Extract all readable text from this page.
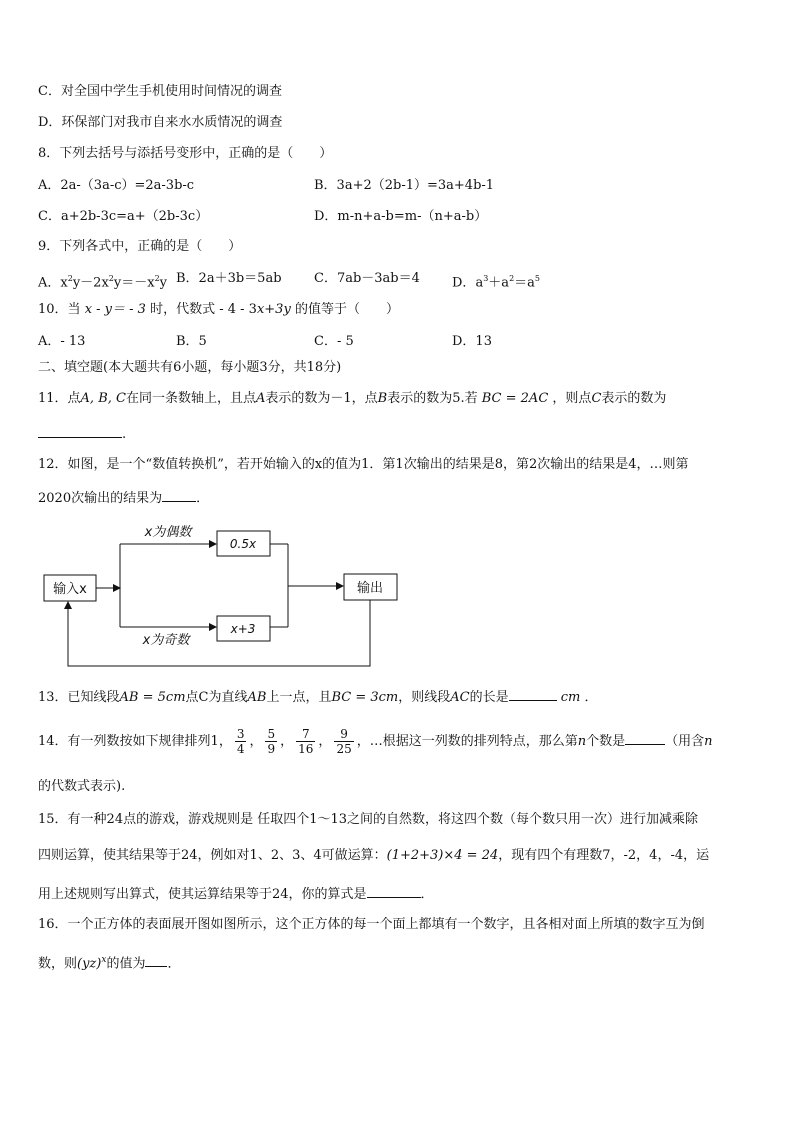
C．对全国中学生手机使用时间情况的调查
D．环保部门对我市自来水水质情况的调查
8．下列去括号与添括号变形中，正确的是（　　）
A．2a-（3a-c）=2a-3b-c	B．3a+2（2b-1）=3a+4b-1
C．a+2b-3c=a+（2b-3c）	D．m-n+a-b=m-（n+a-b）
9．下列各式中，正确的是（　　）
A．$x^2y-2x^2y=-x^2y$ B．2a＋3b＝5ab C．7ab－3ab＝4 D．$a^3+a^2=a^5$
10．当 x - y＝ - 3 时，代数式 - 4 - 3x+3y 的值等于（　　）
A．- 13	B．5	C．- 5	D．13
二、填空题(本大题共有6小题，每小题3分，共18分)
11．点A, B, C在同一条数轴上，且点A表示的数为－1，点B表示的数为5.若 BC = 2AC ，则点C表示的数为
.
12．如图，是一个“数值转换机”，若开始输入的x的值为1．第1次输出的结果是8，第2次输出的结果是4，…则第
2020次输出的结果为	．
输入x
x为偶数
x为奇数
0.5x
x+3
输出
13．已知线段AB = 5cm点C为直线AB上一点，且BC = 3cm，则线段AC的长是	cm ．
14．有一列数按如下规律排列1， $\frac{3}{4}$ ， $\frac{5}{9}$ ， $\frac{7}{16}$ ， $\frac{9}{25}$ ，…根据这一列数的排列特点，那么第n个数是	（用含n
的代数式表示).
15．有一种24点的游戏，游戏规则是 任取四个1～13之间的自然数，将这四个数（每个数只用一次）进行加减乘除
四则运算，使其结果等于24，例如对1、2、3、4可做运算：(1+2+3)×4 = 24，现有四个有理数7，-2，4，-4，运
用上述规则写出算式，使其运算结果等于24，你的算式是	．
16．一个正方体的表面展开图如图所示，这个正方体的每一个面上都填有一个数字，且各相对面上所填的数字互为倒
数，则(yz)$^x$的值为 ．
